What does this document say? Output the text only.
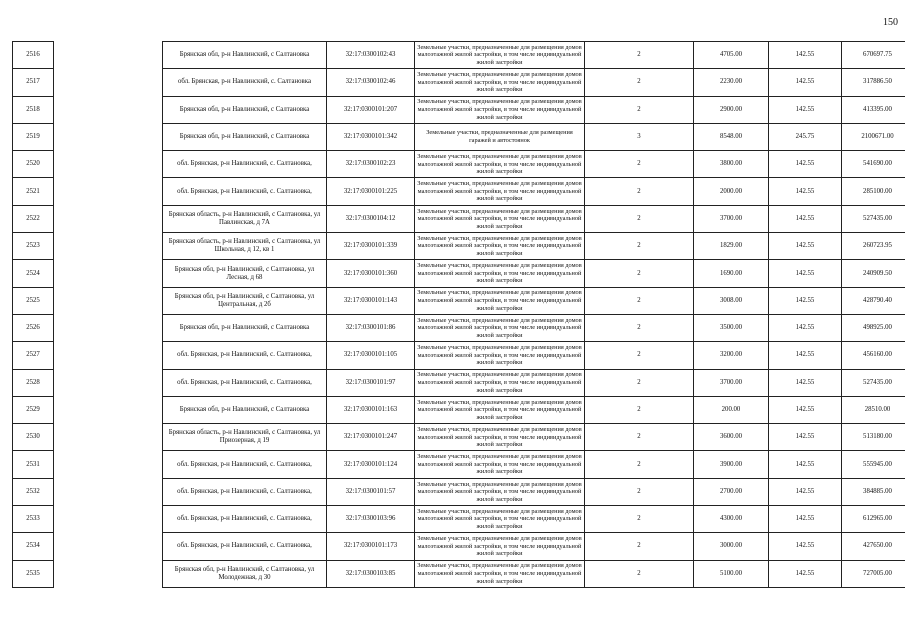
150
2516		Брянская обл, р-н Навлинский, с Салтановка	32:17:0300102:43	Земельные участки, предназначенные для размещения домов малоэтажной жилой застройки, в том числе индивидуальной жилой застройки	2	4705.00	142.55	670697.75
2517		обл. Брянская, р-н Навлинский, с. Салтановка	32:17:0300102:46	Земельные участки, предназначенные для размещения домов малоэтажной жилой застройки, в том числе индивидуальной жилой застройки	2	2230.00	142.55	317886.50
2518		Брянская обл, р-н Навлинский, с Салтановка	32:17:0300101:207	Земельные участки, предназначенные для размещения домов малоэтажной жилой застройки, в том числе индивидуальной жилой застройки	2	2900.00	142.55	413395.00
2519		Брянская обл, р-н Навлинский, с Салтановка	32:17:0300101:342	Земельные участки, предназначенные для размещения гаражей и автостоянок	3	8548.00	245.75	2100671.00
2520		обл. Брянская, р-н Навлинский, с. Салтановка,	32:17:0300102:23	Земельные участки, предназначенные для размещения домов малоэтажной жилой застройки, в том числе индивидуальной жилой застройки	2	3800.00	142.55	541690.00
2521		обл. Брянская, р-н Навлинский, с. Салтановка,	32:17:0300101:225	Земельные участки, предназначенные для размещения домов малоэтажной жилой застройки, в том числе индивидуальной жилой застройки	2	2000.00	142.55	285100.00
2522		Брянская область, р-н Навлинский, с Салтановка, ул Павлинская, д 7А	32:17:0300104:12	Земельные участки, предназначенные для размещения домов малоэтажной жилой застройки, в том числе индивидуальной жилой застройки	2	3700.00	142.55	527435.00
2523		Брянская область, р-н Навлинский, с Салтановка, ул Школьная, д 12, кв 1	32:17:0300101:339	Земельные участки, предназначенные для размещения домов малоэтажной жилой застройки, в том числе индивидуальной жилой застройки	2	1829.00	142.55	260723.95
2524		Брянская обл, р-н Навлинский, с Салтановка, ул Лесная, д 68	32:17:0300101:360	Земельные участки, предназначенные для размещения домов малоэтажной жилой застройки, в том числе индивидуальной жилой застройки	2	1690.00	142.55	240909.50
2525		Брянская обл, р-н Навлинский, с Салтановка, ул Центральная, д 2б	32:17:0300101:143	Земельные участки, предназначенные для размещения домов малоэтажной жилой застройки, в том числе индивидуальной жилой застройки	2	3008.00	142.55	428790.40
2526		Брянская обл, р-н Навлинский, с Салтановка	32:17:0300101:86	Земельные участки, предназначенные для размещения домов малоэтажной жилой застройки, в том числе индивидуальной жилой застройки	2	3500.00	142.55	498925.00
2527		обл. Брянская, р-н Навлинский, с. Салтановка,	32:17:0300101:105	Земельные участки, предназначенные для размещения домов малоэтажной жилой застройки, в том числе индивидуальной жилой застройки	2	3200.00	142.55	456160.00
2528		обл. Брянская, р-н Навлинский, с. Салтановка,	32:17:0300101:97	Земельные участки, предназначенные для размещения домов малоэтажной жилой застройки, в том числе индивидуальной жилой застройки	2	3700.00	142.55	527435.00
2529		Брянская обл, р-н Навлинский, с Салтановка	32:17:0300101:163	Земельные участки, предназначенные для размещения домов малоэтажной жилой застройки, в том числе индивидуальной жилой застройки	2	200.00	142.55	28510.00
2530		Брянская область, р-н Навлинский, с Салтановка, ул Приозерная, д 19	32:17:0300101:247	Земельные участки, предназначенные для размещения домов малоэтажной жилой застройки, в том числе индивидуальной жилой застройки	2	3600.00	142.55	513180.00
2531		обл. Брянская, р-н Навлинский, с. Салтановка,	32:17:0300101:124	Земельные участки, предназначенные для размещения домов малоэтажной жилой застройки, в том числе индивидуальной жилой застройки	2	3900.00	142.55	555945.00
2532		обл. Брянская, р-н Навлинский, с. Салтановка,	32:17:0300101:57	Земельные участки, предназначенные для размещения домов малоэтажной жилой застройки, в том числе индивидуальной жилой застройки	2	2700.00	142.55	384885.00
2533		обл. Брянская, р-н Навлинский, с. Салтановка,	32:17:0300103:96	Земельные участки, предназначенные для размещения домов малоэтажной жилой застройки, в том числе индивидуальной жилой застройки	2	4300.00	142.55	612965.00
2534		обл. Брянская, р-н Навлинский, с. Салтановка,	32:17:0300101:173	Земельные участки, предназначенные для размещения домов малоэтажной жилой застройки, в том числе индивидуальной жилой застройки	2	3000.00	142.55	427650.00
2535		Брянская обл, р-н Навлинский, с Салтановка, ул Молодежная, д 30	32:17:0300103:85	Земельные участки, предназначенные для размещения домов малоэтажной жилой застройки, в том числе индивидуальной жилой застройки	2	5100.00	142.55	727005.00
